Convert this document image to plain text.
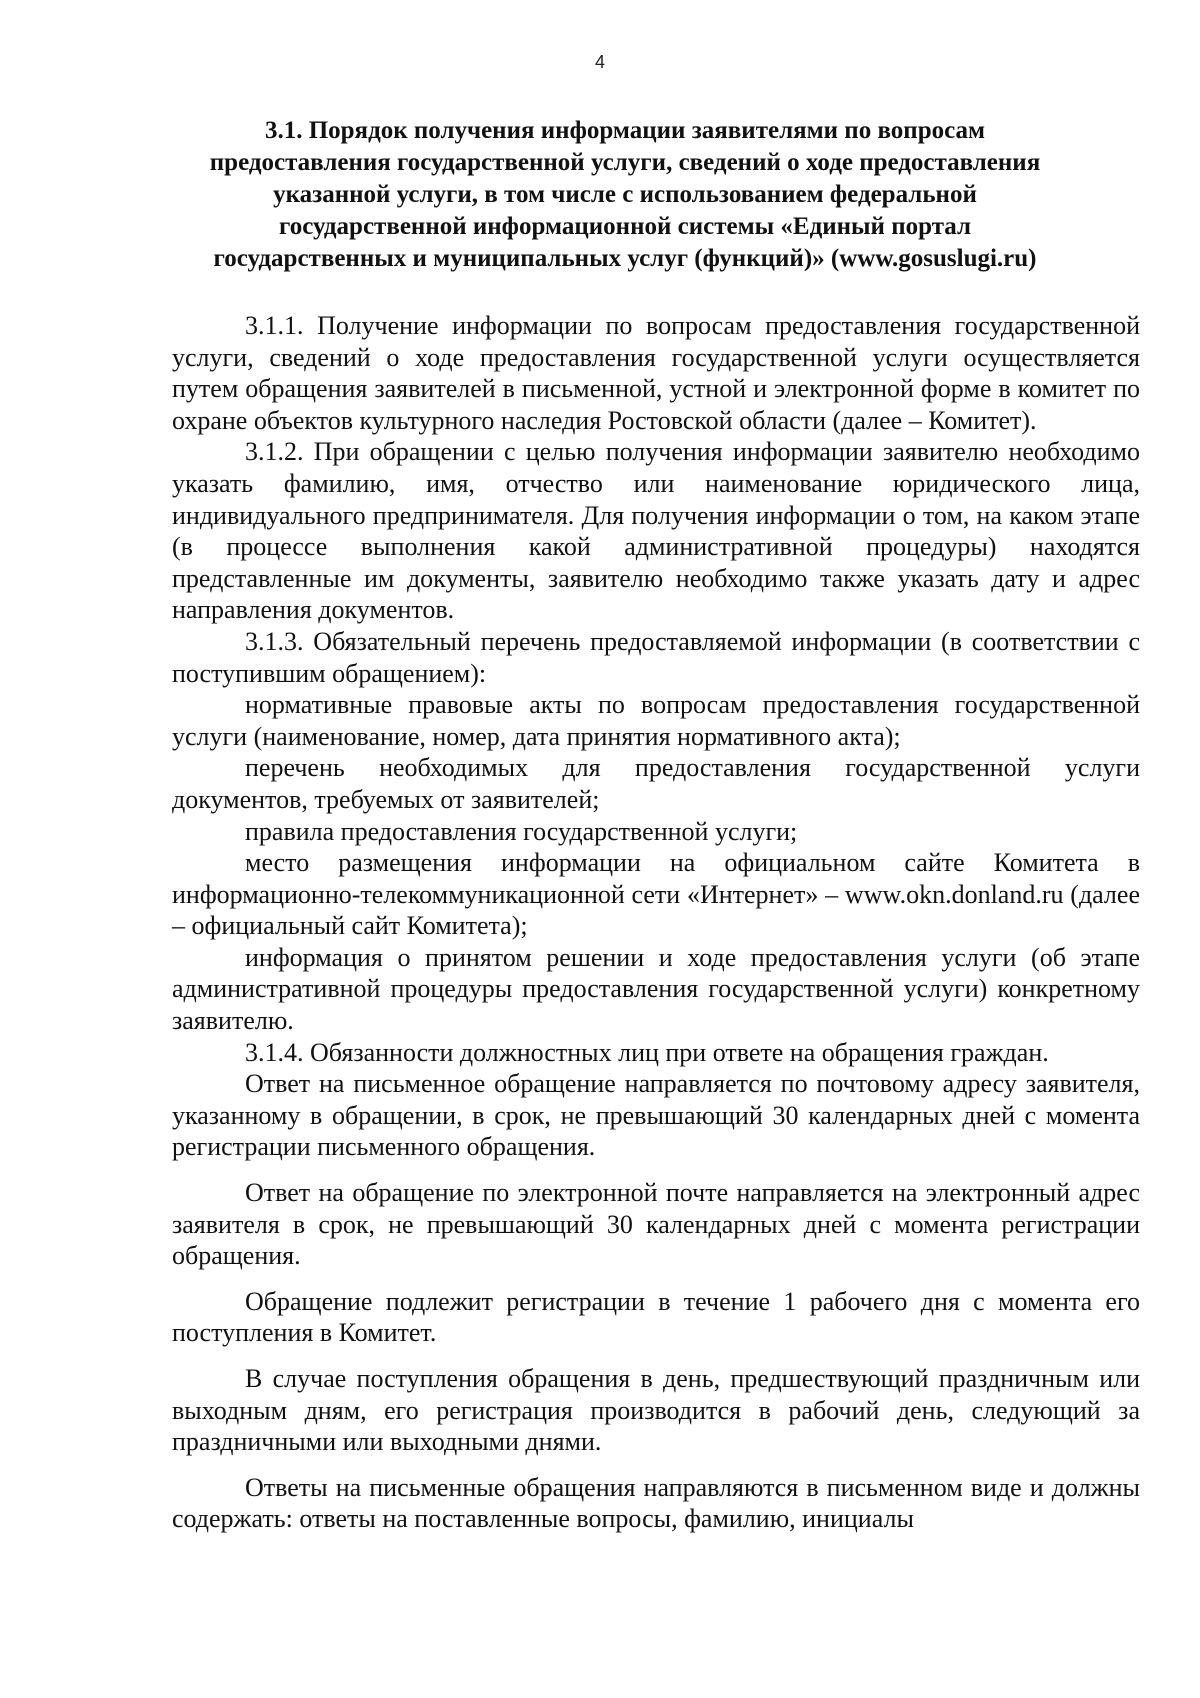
4
3.1. Порядок получения информации заявителями по вопросам
предоставления государственной услуги, сведений о ходе предоставления
указанной услуги, в том числе с использованием федеральной
государственной информационной системы «Единый портал
государственных и муниципальных услуг (функций)» (www.gosuslugi.ru)

3.1.1. Получение информации по вопросам предоставления государственной услуги, сведений о ходе предоставления государственной услуги осуществляется путем обращения заявителей в письменной, устной и электронной форме в комитет по охране объектов культурного наследия Ростовской области (далее – Комитет).

3.1.2. При обращении с целью получения информации заявителю необходимо указать фамилию, имя, отчество или наименование юридического лица, индивидуального предпринимателя. Для получения информации о том, на каком этапе (в процессе выполнения какой административной процедуры) находятся представленные им документы, заявителю необходимо также указать дату и адрес направления документов.

3.1.3. Обязательный перечень предоставляемой информации (в соответствии с поступившим обращением):

нормативные правовые акты по вопросам предоставления государственной услуги (наименование, номер, дата принятия нормативного акта);

перечень необходимых для предоставления государственной услуги документов, требуемых от заявителей;

правила предоставления государственной услуги;

место размещения информации на официальном сайте Комитета в информационно-телекоммуникационной сети «Интернет» – www.okn.donland.ru (далее – официальный сайт Комитета);

информация о принятом решении и ходе предоставления услуги (об этапе административной процедуры предоставления государственной услуги) конкретному заявителю.

3.1.4. Обязанности должностных лиц при ответе на обращения граждан.

Ответ на письменное обращение направляется по почтовому адресу заявителя, указанному в обращении, в срок, не превышающий 30 календарных дней с момента регистрации письменного обращения.

Ответ на обращение по электронной почте направляется на электронный адрес заявителя в срок, не превышающий 30 календарных дней с момента регистрации обращения.

Обращение подлежит регистрации в течение 1 рабочего дня с момента его поступления в Комитет.

В случае поступления обращения в день, предшествующий праздничным или выходным дням, его регистрация производится в рабочий день, следующий за праздничными или выходными днями.

Ответы на письменные обращения направляются в письменном виде и должны содержать: ответы на поставленные вопросы, фамилию, инициалы
